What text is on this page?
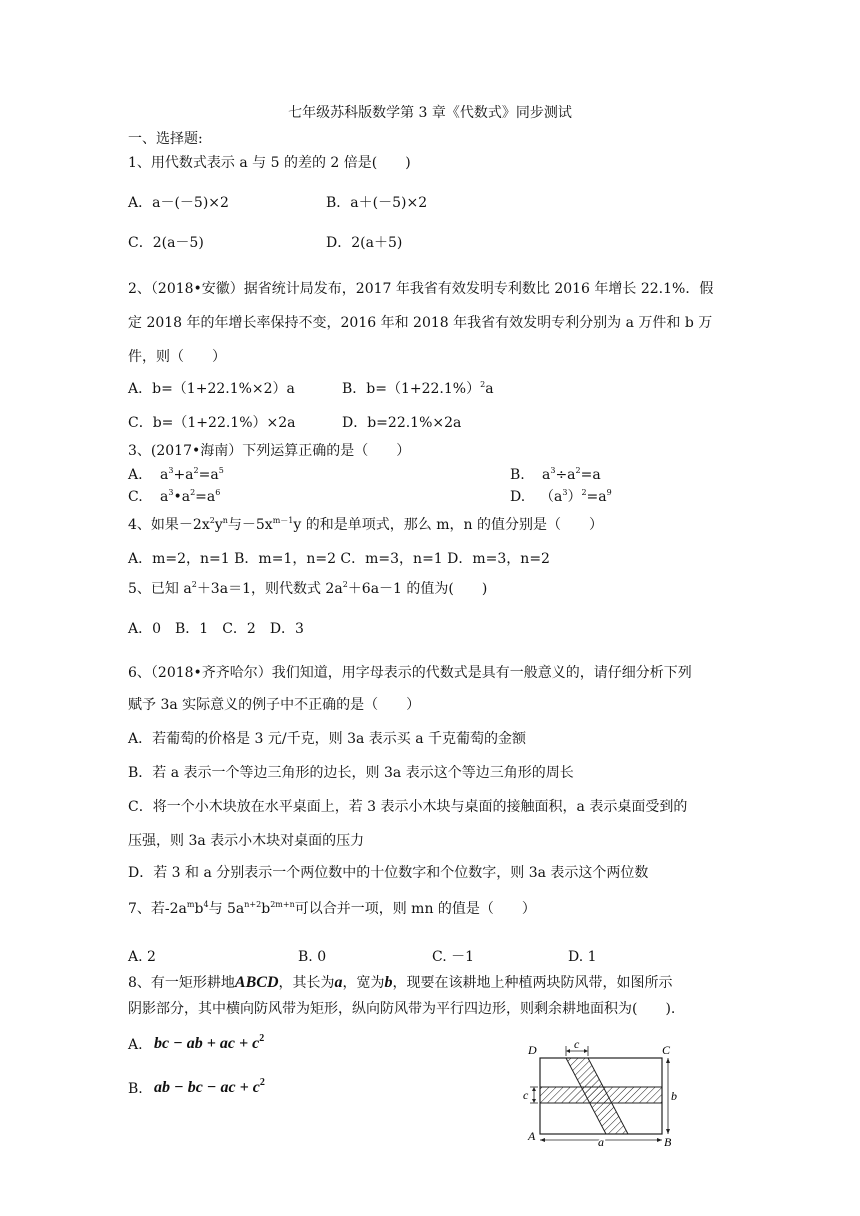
七年级苏科版数学第 3 章《代数式》同步测试
一、选择题:
1、用代数式表示 a 与 5 的差的 2 倍是(　　)
A．a－(－5)×2	B．a＋(－5)×2
C．2(a－5)	D．2(a＋5)
2、（2018•安徽）据省统计局发布，2017 年我省有效发明专利数比 2016 年增长 22.1%．假
定 2018 年的年增长率保持不变，2016 年和 2018 年我省有效发明专利分别为 a 万件和 b 万
件，则（　　）
A．b=（1+22.1%×2）a	B．$b=(1+22.1\%)^2a$
C．b=（1+22.1%）×2a	D．b=22.1%×2a
3、(2017•海南）下列运算正确的是（　　）
A. $a^3+a^2=a^5$	B. $a^3\div a^2=a$
C. $a^3•a^2=a^6$	D. $(a^3)^2=a^9$
4、如果$-2x^2y^n$与$-5x^{m-1}y$ 的和是单项式，那么 m，n 的值分别是（　　）
A．m=2，n=1 B．m=1，n=2 C．m=3，n=1 D．m=3，n=2
5、已知 $a^2+3a=1$，则代数式 $2a^2+6a-1$ 的值为(　　)
A．0　B．1　C．2　D．3
6、（2018•齐齐哈尔）我们知道，用字母表示的代数式是具有一般意义的，请仔细分析下列
赋予 3a 实际意义的例子中不正确的是（　　）
A．若葡萄的价格是 3 元/千克，则 3a 表示买 a 千克葡萄的金额
B．若 a 表示一个等边三角形的边长，则 3a 表示这个等边三角形的周长
C．将一个小木块放在水平桌面上，若 3 表示小木块与桌面的接触面积，a 表示桌面受到的
压强，则 3a 表示小木块对桌面的压力
D．若 3 和 a 分别表示一个两位数中的十位数字和个位数字，则 3a 表示这个两位数
7、若$-2a^mb^4$与 $5a^{n+2}b^{2m+n}$可以合并一项，则 mn 的值是（　　）
A. 2	B. 0	C. －1	D. 1
8、有一矩形耕地ABCD，其长为a，宽为b，现要在该耕地上种植两块防风带，如图所示
阴影部分，其中横向防风带为矩形，纵向防风带为平行四边形，则剩余耕地面积为(　　).
A. bc − ab + ac + $c^2$
B. ab − bc − ac + $c^2$
D	C
A	B
c
c	b
a
